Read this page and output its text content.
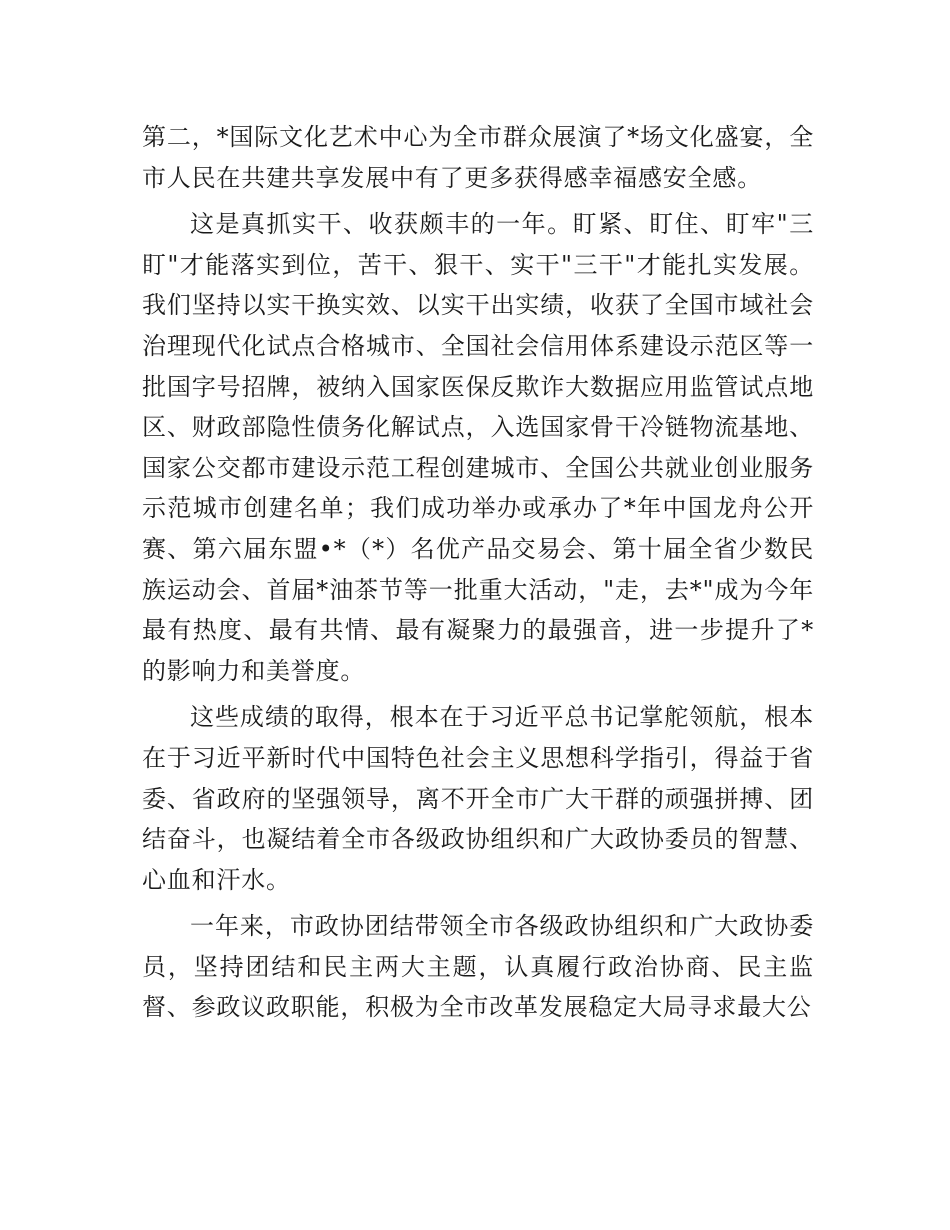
第二，*国际文化艺术中心为全市群众展演了*场文化盛宴，全市人民在共建共享发展中有了更多获得感幸福感安全感。

这是真抓实干、收获颇丰的一年。盯紧、盯住、盯牢"三盯"才能落实到位，苦干、狠干、实干"三干"才能扎实发展。我们坚持以实干换实效、以实干出实绩，收获了全国市域社会治理现代化试点合格城市、全国社会信用体系建设示范区等一批国字号招牌，被纳入国家医保反欺诈大数据应用监管试点地区、财政部隐性债务化解试点，入选国家骨干冷链物流基地、国家公交都市建设示范工程创建城市、全国公共就业创业服务示范城市创建名单；我们成功举办或承办了*年中国龙舟公开赛、第六届东盟•*（*）名优产品交易会、第十届全省少数民族运动会、首届*油茶节等一批重大活动，"走，去*"成为今年最有热度、最有共情、最有凝聚力的最强音，进一步提升了*的影响力和美誉度。

这些成绩的取得，根本在于习近平总书记掌舵领航，根本在于习近平新时代中国特色社会主义思想科学指引，得益于省委、省政府的坚强领导，离不开全市广大干群的顽强拼搏、团结奋斗，也凝结着全市各级政协组织和广大政协委员的智慧、心血和汗水。

一年来，市政协团结带领全市各级政协组织和广大政协委员，坚持团结和民主两大主题，认真履行政治协商、民主监督、参政议政职能，积极为全市改革发展稳定大局寻求最大公
